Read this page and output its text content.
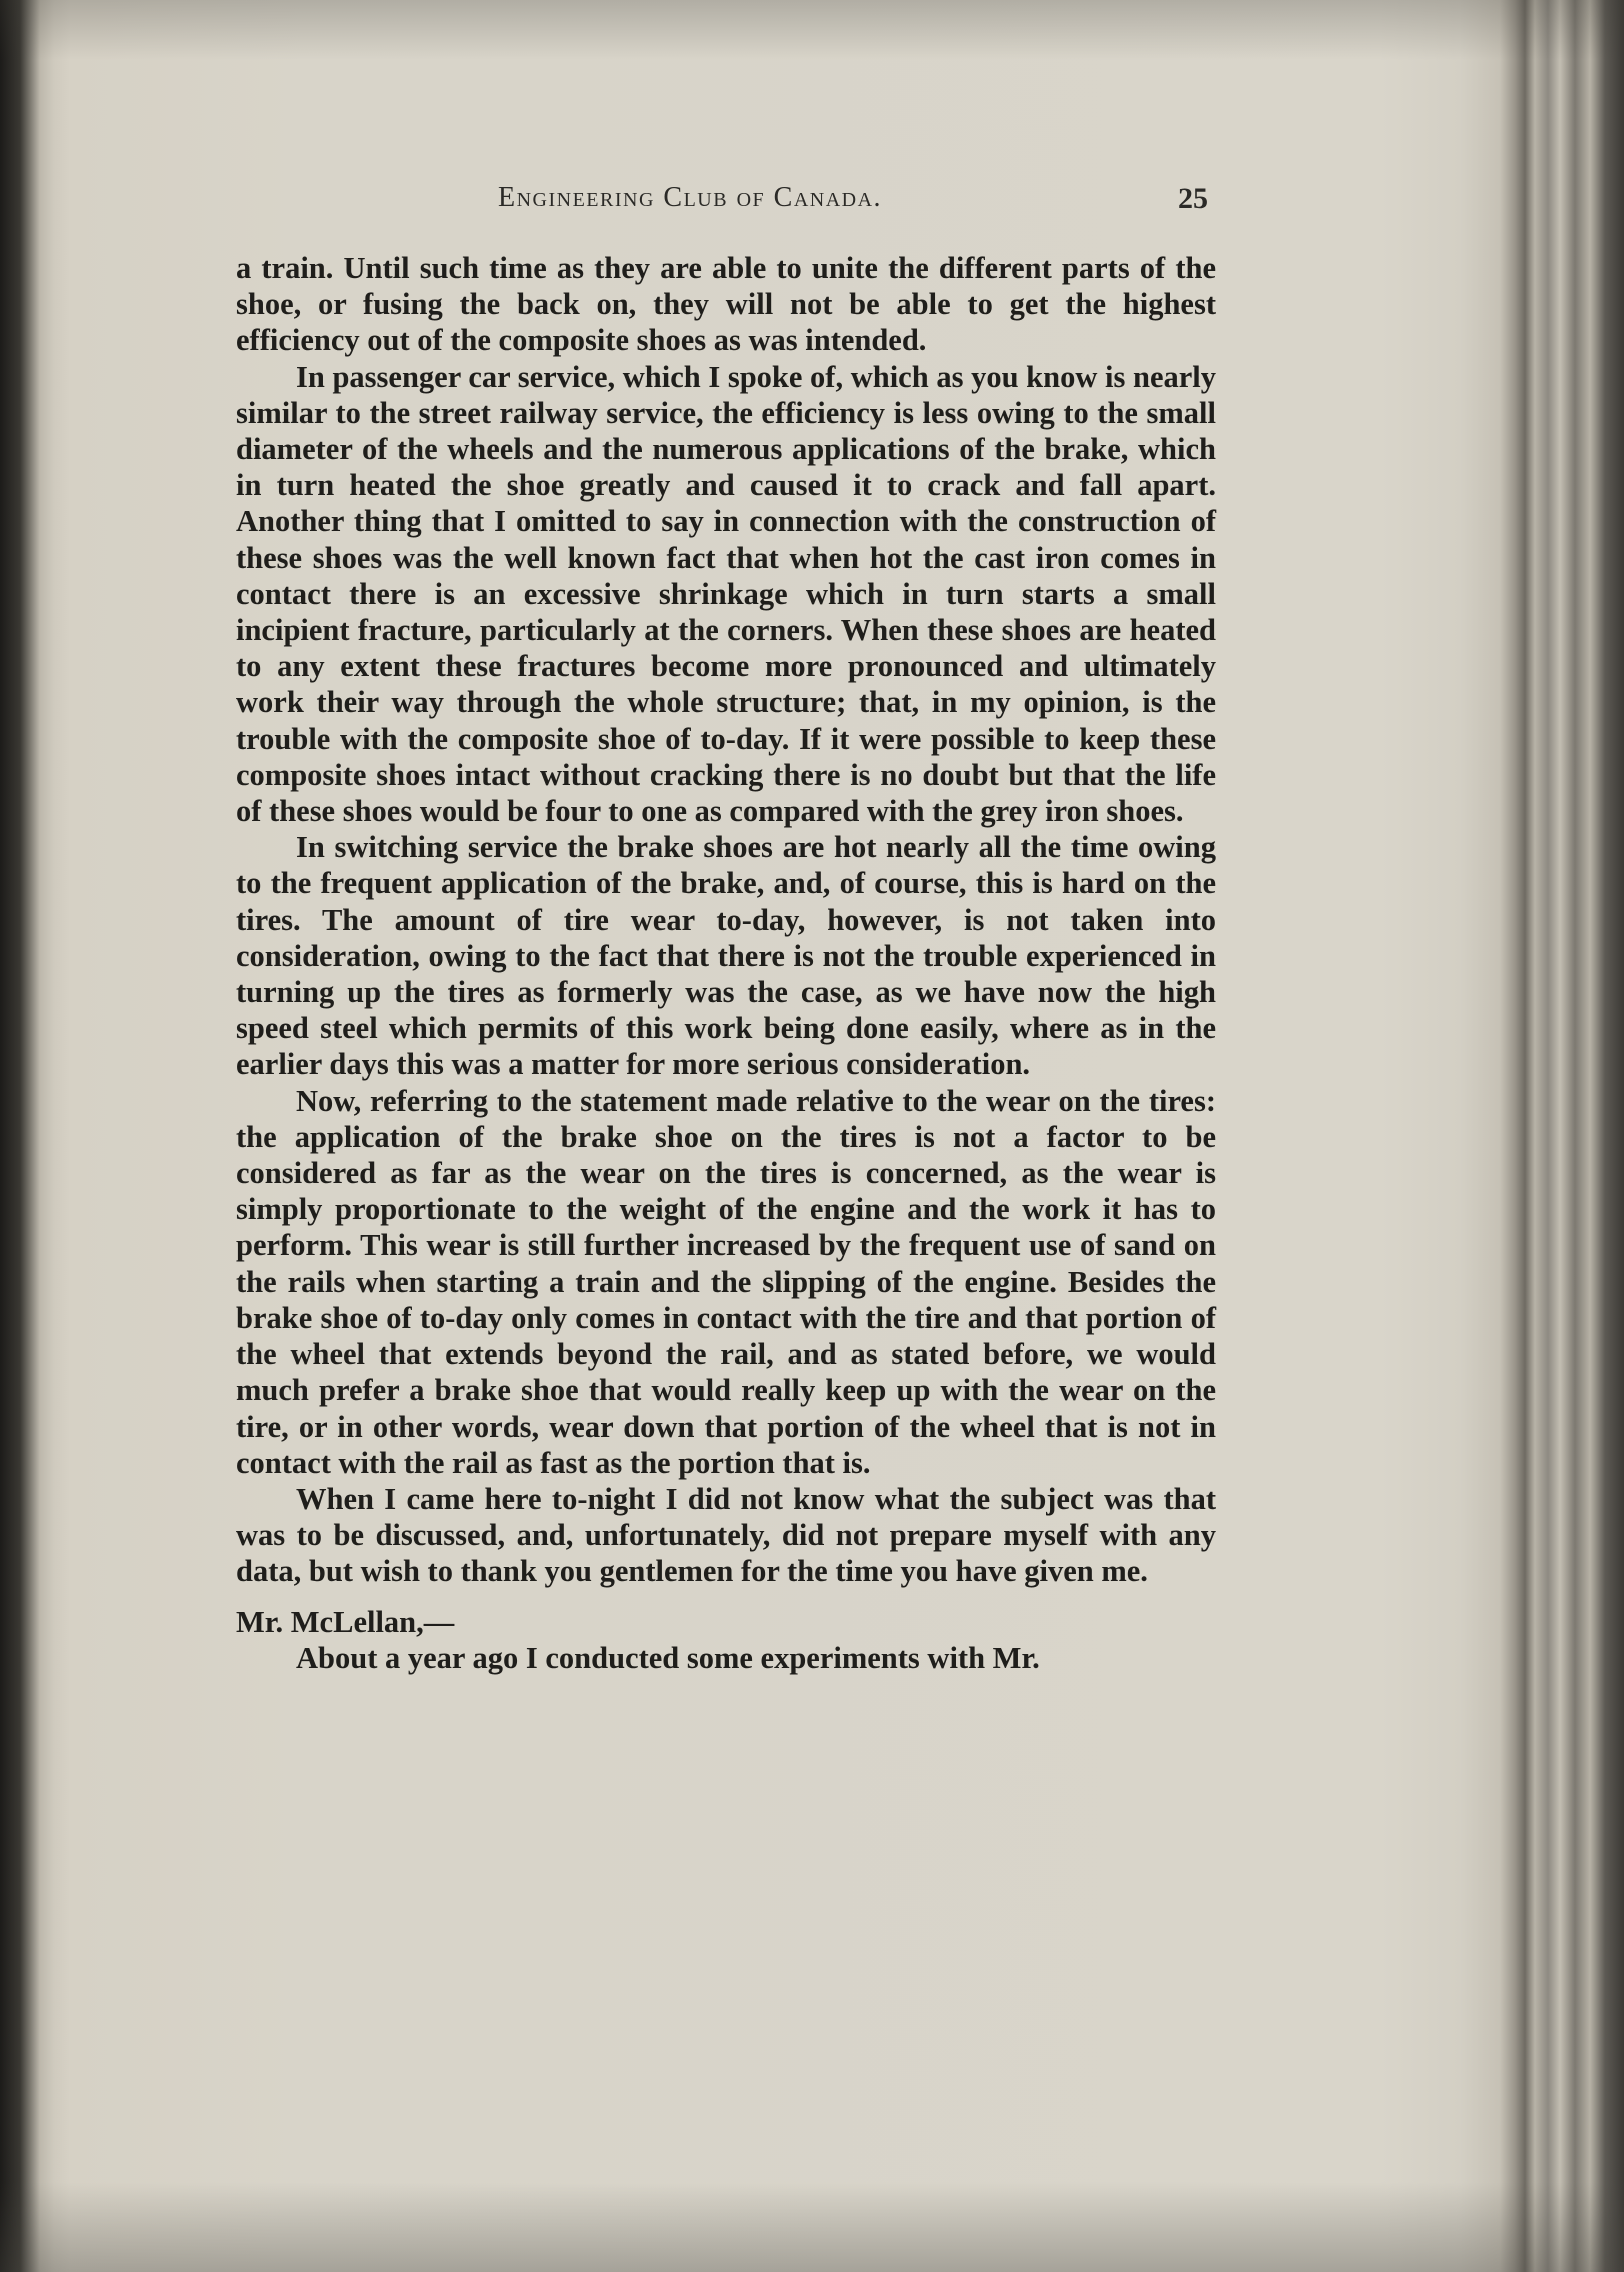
Engineering Club of Canada.	25

a train. Until such time as they are able to unite the different parts of the shoe, or fusing the back on, they will not be able to get the highest efficiency out of the composite shoes as was intended.

In passenger car service, which I spoke of, which as you know is nearly similar to the street railway service, the efficiency is less owing to the small diameter of the wheels and the numerous applications of the brake, which in turn heated the shoe greatly and caused it to crack and fall apart. Another thing that I omitted to say in connection with the construction of these shoes was the well known fact that when hot the cast iron comes in contact there is an excessive shrinkage which in turn starts a small incipient fracture, particularly at the corners. When these shoes are heated to any extent these fractures become more pronounced and ultimately work their way through the whole structure; that, in my opinion, is the trouble with the composite shoe of to-day. If it were possible to keep these composite shoes intact without cracking there is no doubt but that the life of these shoes would be four to one as compared with the grey iron shoes.

In switching service the brake shoes are hot nearly all the time owing to the frequent application of the brake, and, of course, this is hard on the tires. The amount of tire wear to-day, however, is not taken into consideration, owing to the fact that there is not the trouble experienced in turning up the tires as formerly was the case, as we have now the high speed steel which permits of this work being done easily, where as in the earlier days this was a matter for more serious consideration.

Now, referring to the statement made relative to the wear on the tires: the application of the brake shoe on the tires is not a factor to be considered as far as the wear on the tires is concerned, as the wear is simply proportionate to the weight of the engine and the work it has to perform. This wear is still further increased by the frequent use of sand on the rails when starting a train and the slipping of the engine. Besides the brake shoe of to-day only comes in contact with the tire and that portion of the wheel that extends beyond the rail, and as stated before, we would much prefer a brake shoe that would really keep up with the wear on the tire, or in other words, wear down that portion of the wheel that is not in contact with the rail as fast as the portion that is.

When I came here to-night I did not know what the subject was that was to be discussed, and, unfortunately, did not prepare myself with any data, but wish to thank you gentlemen for the time you have given me.

Mr. McLellan,—

About a year ago I conducted some experiments with Mr.
